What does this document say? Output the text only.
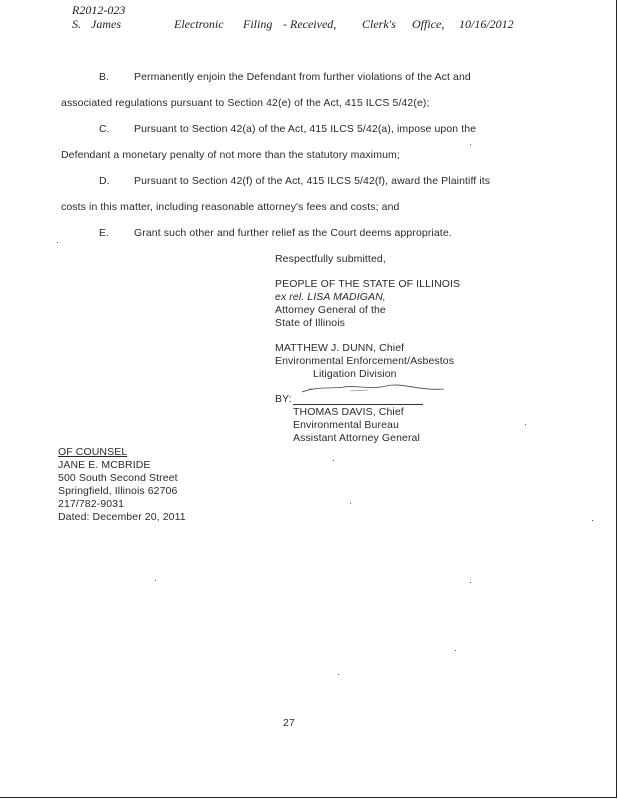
R2012-023
S. James	Electronic Filing - Received, Clerk's Office, 10/16/2012
B. Permanently enjoin the Defendant from further violations of the Act and
associated regulations pursuant to Section 42(e) of the Act, 415 ILCS 5/42(e);
C. Pursuant to Section 42(a) of the Act, 415 ILCS 5/42(a), impose upon the
Defendant a monetary penalty of not more than the statutory maximum;
D. Pursuant to Section 42(f) of the Act, 415 ILCS 5/42(f), award the Plaintiff its
costs in this matter, including reasonable attorney's fees and costs; and
E. Grant such other and further relief as the Court deems appropriate.
Respectfully submitted,
PEOPLE OF THE STATE OF ILLINOIS
ex rel. LISA MADIGAN,
Attorney General of the
State of Illinois
MATTHEW J. DUNN, Chief
Environmental Enforcement/Asbestos
Litigation Division
BY:
THOMAS DAVIS, Chief
Environmental Bureau
Assistant Attorney General
OF COUNSEL
JANE E. MCBRIDE
500 South Second Street
Springfield, Illinois 62706
217/782-9031
Dated: December 20, 2011
27
